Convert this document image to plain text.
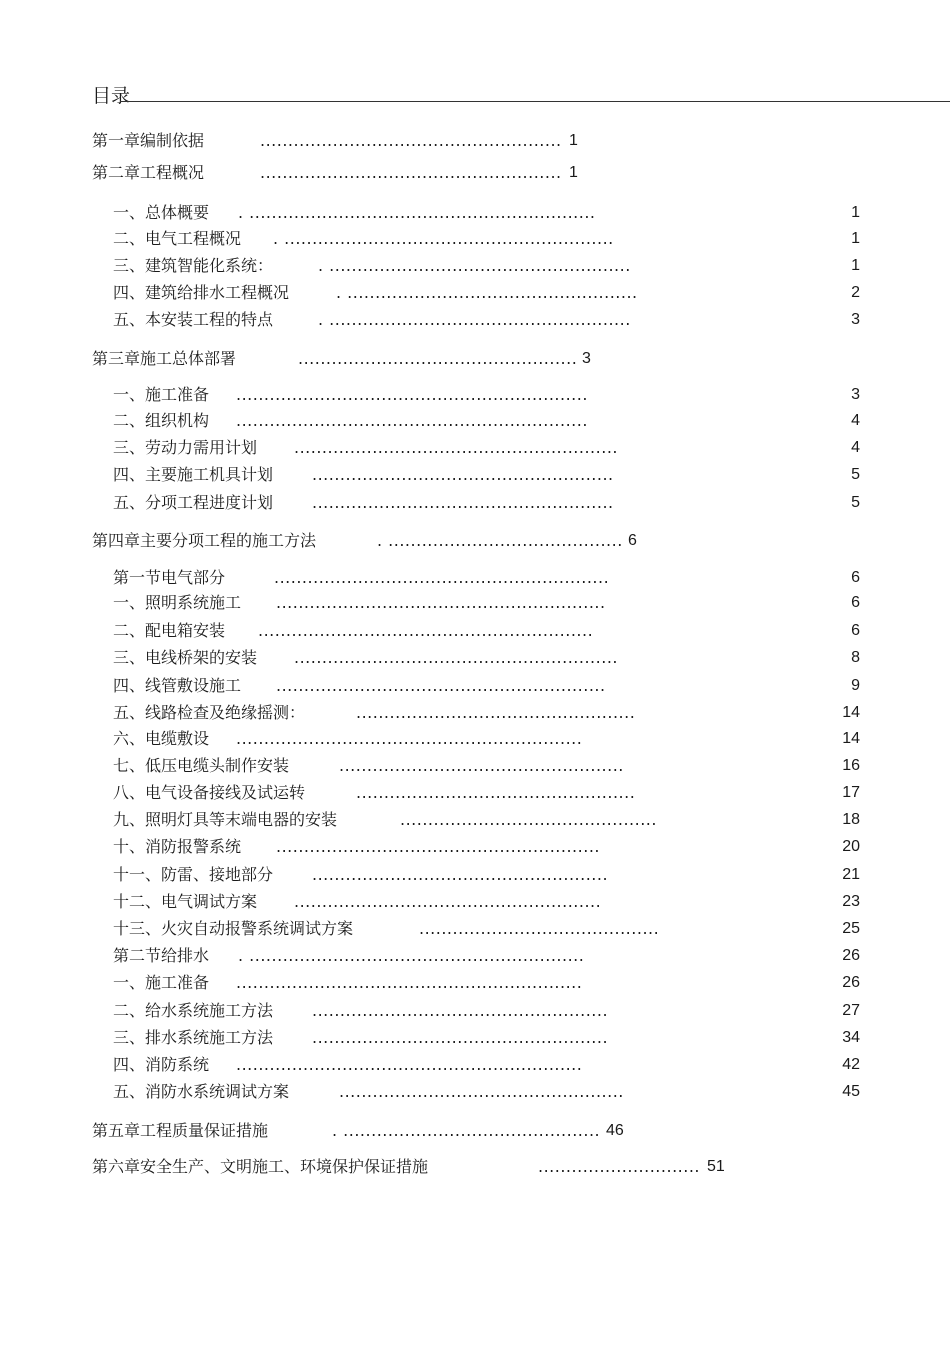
目录
第一章编制依据	...................................................... 1
第二章工程概况	...................................................... 1
一、总体概要 . ..............................................................	1
二、电气工程概况 . ...........................................................	1
三、建筑智能化系统：	. ......................................................	1
四、建筑给排水工程概况	. ....................................................	2
五、本安装工程的特点	. ......................................................	3
第三章施工总体部署	.................................................. 3
一、施工准备 ...............................................................	3
二、组织机构 ...............................................................	4
三、劳动力需用计划 ..........................................................	4
四、主要施工机具计划 ......................................................	5
五、分项工程进度计划 ......................................................	5
第四章主要分项工程的施工方法	. .......................................... 6
第一节电气部分	............................................................	6
一、照明系统施工 ...........................................................	6
二、配电箱安装 ............................................................	6
三、电线桥架的安装 ..........................................................	8
四、线管敷设施工 ...........................................................	9
五、线路检查及绝缘摇测：	..................................................	14
六、电缆敷设 ..............................................................	14
七、低压电缆头制作安装	...................................................	16
八、电气设备接线及试运转	..................................................	17
九、照明灯具等末端电器的安装	..............................................	18
十、消防报警系统 ..........................................................	20
十一、防雷、接地部分 .....................................................	21
十二、电气调试方案 .......................................................	23
十三、火灾自动报警系统调试方案	...........................................	25
第二节给排水 . ............................................................	26
一、施工准备 ..............................................................	26
二、给水系统施工方法 .....................................................	27
三、排水系统施工方法 .....................................................	34
四、消防系统 ..............................................................	42
五、消防水系统调试方案	...................................................	45
第五章工程质量保证措施	. .............................................. 46
第六章安全生产、文明施工、环境保护保证措施	............................. 51
